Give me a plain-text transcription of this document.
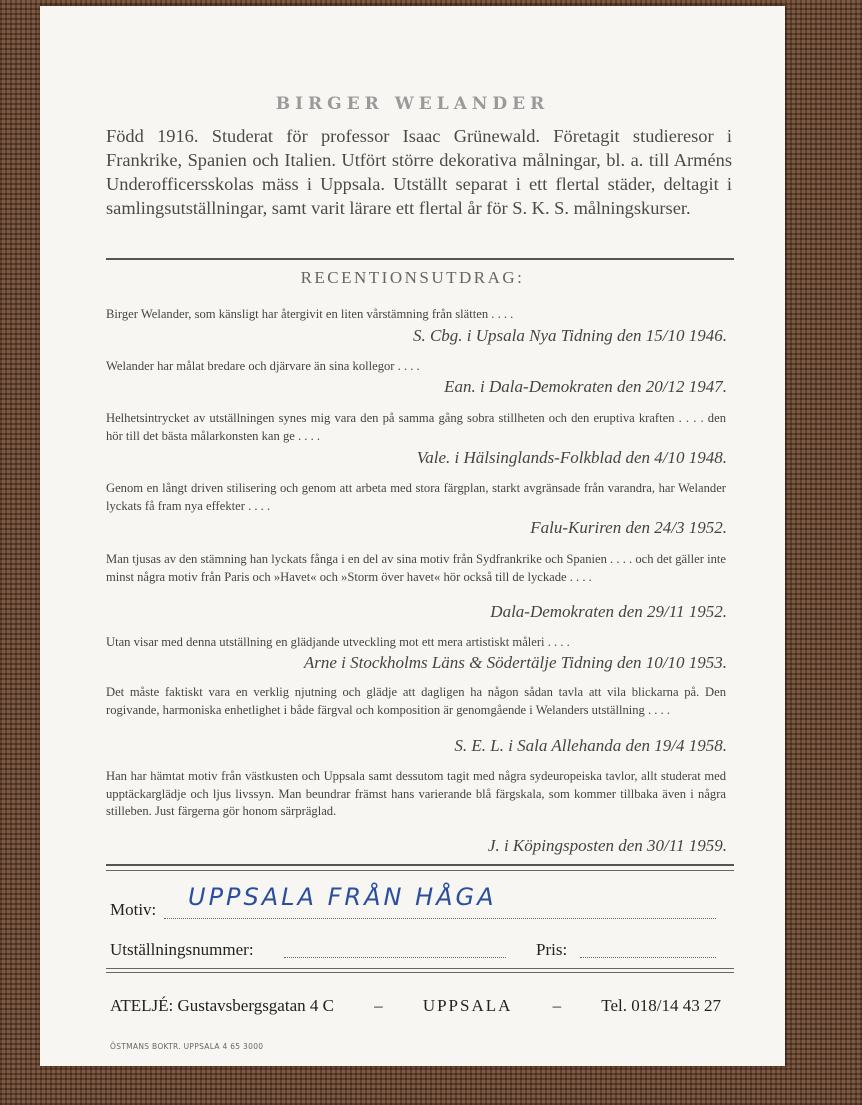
BIRGER WELANDER

Född 1916. Studerat för professor Isaac Grünewald. Företagit studieresor i Frankrike, Spanien och Italien. Utfört större dekorativa målningar, bl. a. till Arméns Underofficersskolas mäss i Uppsala. Utställt separat i ett flertal städer, deltagit i samlingsutställningar, samt varit lärare ett flertal år för S. K. S. målningskurser.

RECENTIONSUTDRAG:

Birger Welander, som känsligt har återgivit en liten vårstämning från slätten . . . .

S. Cbg. i Upsala Nya Tidning den 15/10 1946.

Welander har målat bredare och djärvare än sina kollegor . . . .

Ean. i Dala-Demokraten den 20/12 1947.

Helhetsintrycket av utställningen synes mig vara den på samma gång sobra stillheten och den eruptiva kraften . . . . den hör till det bästa målarkonsten kan ge . . . .

Vale. i Hälsinglands-Folkblad den 4/10 1948.

Genom en långt driven stilisering och genom att arbeta med stora färgplan, starkt avgränsade från varandra, har Welander lyckats få fram nya effekter . . . .

Falu-Kuriren den 24/3 1952.

Man tjusas av den stämning han lyckats fånga i en del av sina motiv från Sydfrankrike och Spanien . . . . och det gäller inte minst några motiv från Paris och »Havet« och »Storm över havet« hör också till de lyckade . . . .

Dala-Demokraten den 29/11 1952.

Utan visar med denna utställning en glädjande utveckling mot ett mera artistiskt måleri . . . .

Arne i Stockholms Läns & Södertälje Tidning den 10/10 1953.

Det måste faktiskt vara en verklig njutning och glädje att dagligen ha någon sådan tavla att vila blickarna på. Den rogivande, harmoniska enhetlighet i både färgval och komposition är genomgående i Welanders utställning . . . .

S. E. L. i Sala Allehanda den 19/4 1958.

Han har hämtat motiv från västkusten och Uppsala samt dessutom tagit med några sydeuropeiska tavlor, allt studerat med upptäckarglädje och ljus livssyn. Man beundrar främst hans varierande blå färgskala, som kommer tillbaka även i några stilleben. Just färgerna gör honom särpräglad.

J. i Köpingsposten den 30/11 1959.
Motiv: UPPSALA FRÅN HÅGA
Utställningsnummer:	Pris:
ATELJÉ: Gustavsbergsgatan 4 C – UPPSALA – Tel. 018/14 43 27
ÖSTMANS BOKTR. UPPSALA 4 65 3000
